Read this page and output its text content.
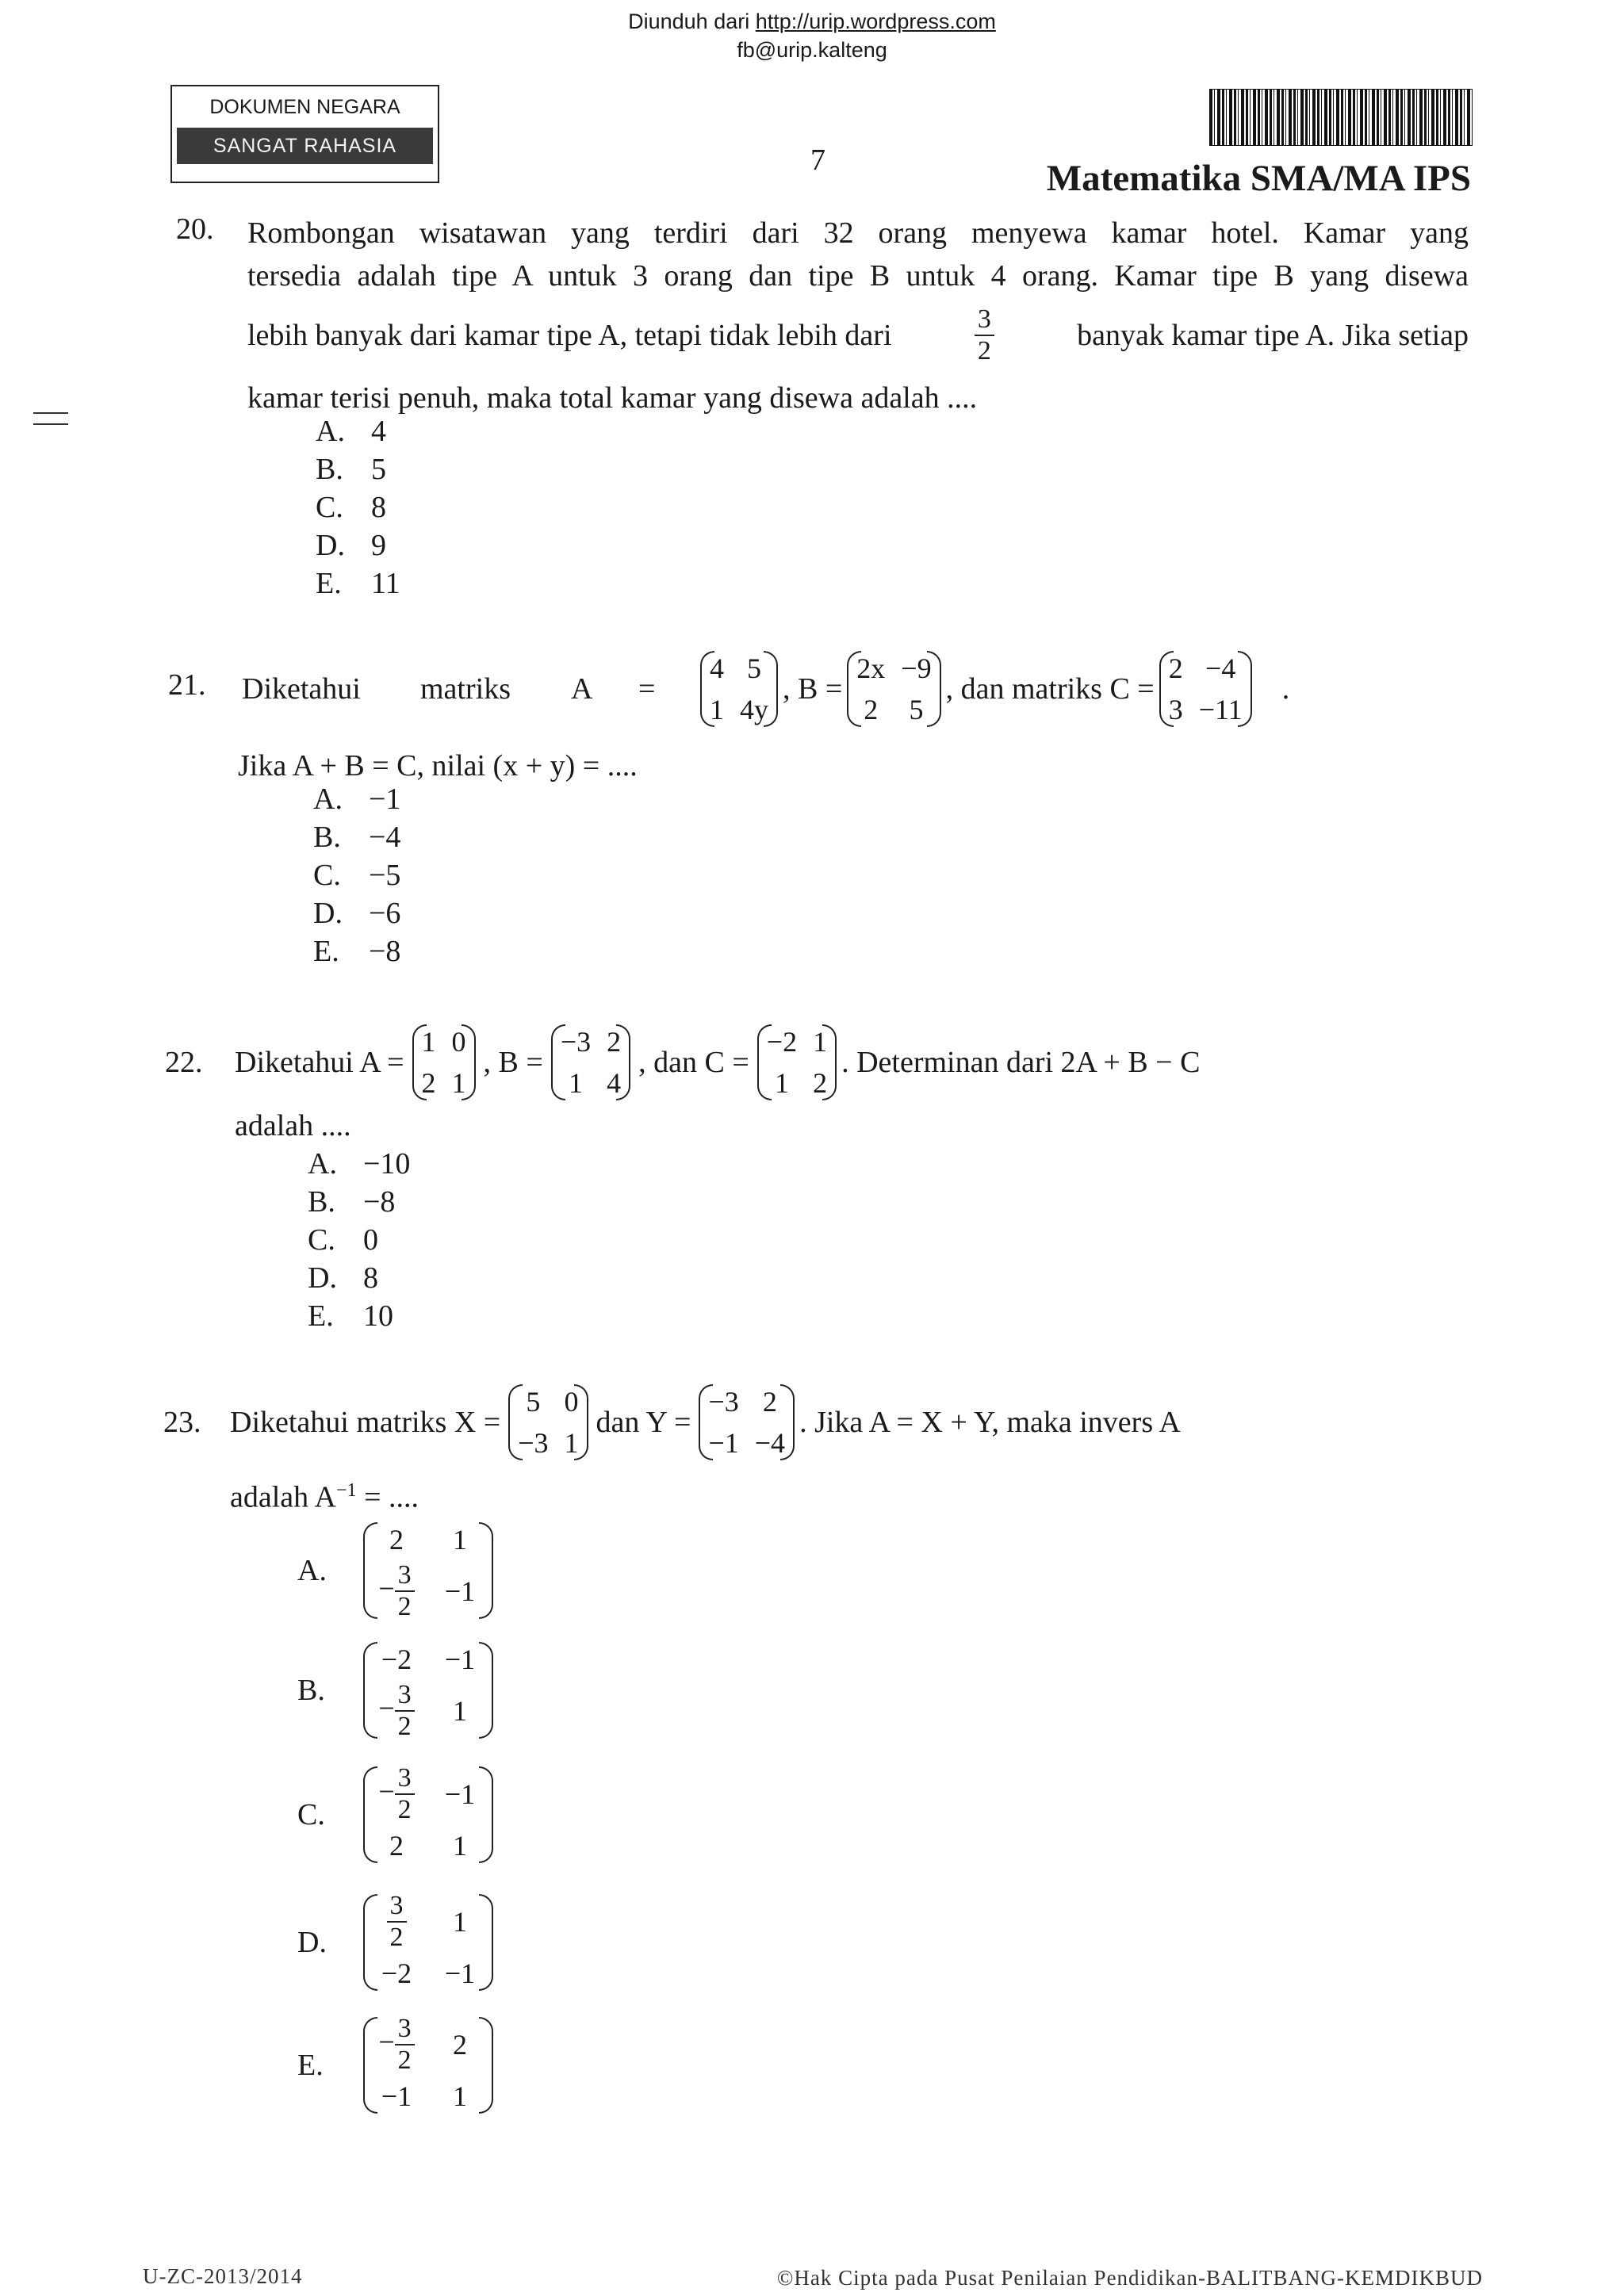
Diunduh dari http://urip.wordpress.com
fb@urip.kalteng
DOKUMEN NEGARA
SANGAT RAHASIA	7	Matematika SMA/MA IPS
20. Rombongan wisatawan yang terdiri dari 32 orang menyewa kamar hotel. Kamar yang
tersedia adalah tipe A untuk 3 orang dan tipe B untuk 4 orang. Kamar tipe B yang disewa
lebih banyak dari kamar tipe A, tetapi tidak lebih dari	$\frac{3}{2}$	banyak kamar tipe A. Jika setiap
kamar terisi penuh, maka total kamar yang disewa adalah ....
A. 4
B. 5
C. 8
D. 9
E. 11
21. Diketahui	matriks	A	=
4	5
1	4y
, B =
2x	−9
2	5
, dan matriks C =
2	−4
3	−11
.
Jika A + B = C, nilai (x + y) = ....
A. −1
B. −4
C. −5
D. −6
E. −8
22. Diketahui A =
1	0
2	1
, B =
−3	2
1	4
, dan C =
−2	1
1	2
. Determinan dari 2A + B − C
adalah ....
A. −10
B. −8
C. 0
D. 8
E. 10
23. Diketahui matriks X =
5	0
−3	1
dan Y =
−3	2
−1	−4
. Jika A = X + Y, maka invers A
adalah $A^{-1}$ = ....
A.
2	1
− $\frac{3}{2}$	−1
B.
−2	−1
− $\frac{3}{2}$	1
C.
− $\frac{3}{2}$	−1
2	1
D.	$\frac{3}{2}$	1
−2	−1
E.
− $\frac{3}{2}$	2
−1	1
U-ZC-2013/2014	©Hak Cipta pada Pusat Penilaian Pendidikan-BALITBANG-KEMDIKBUD
